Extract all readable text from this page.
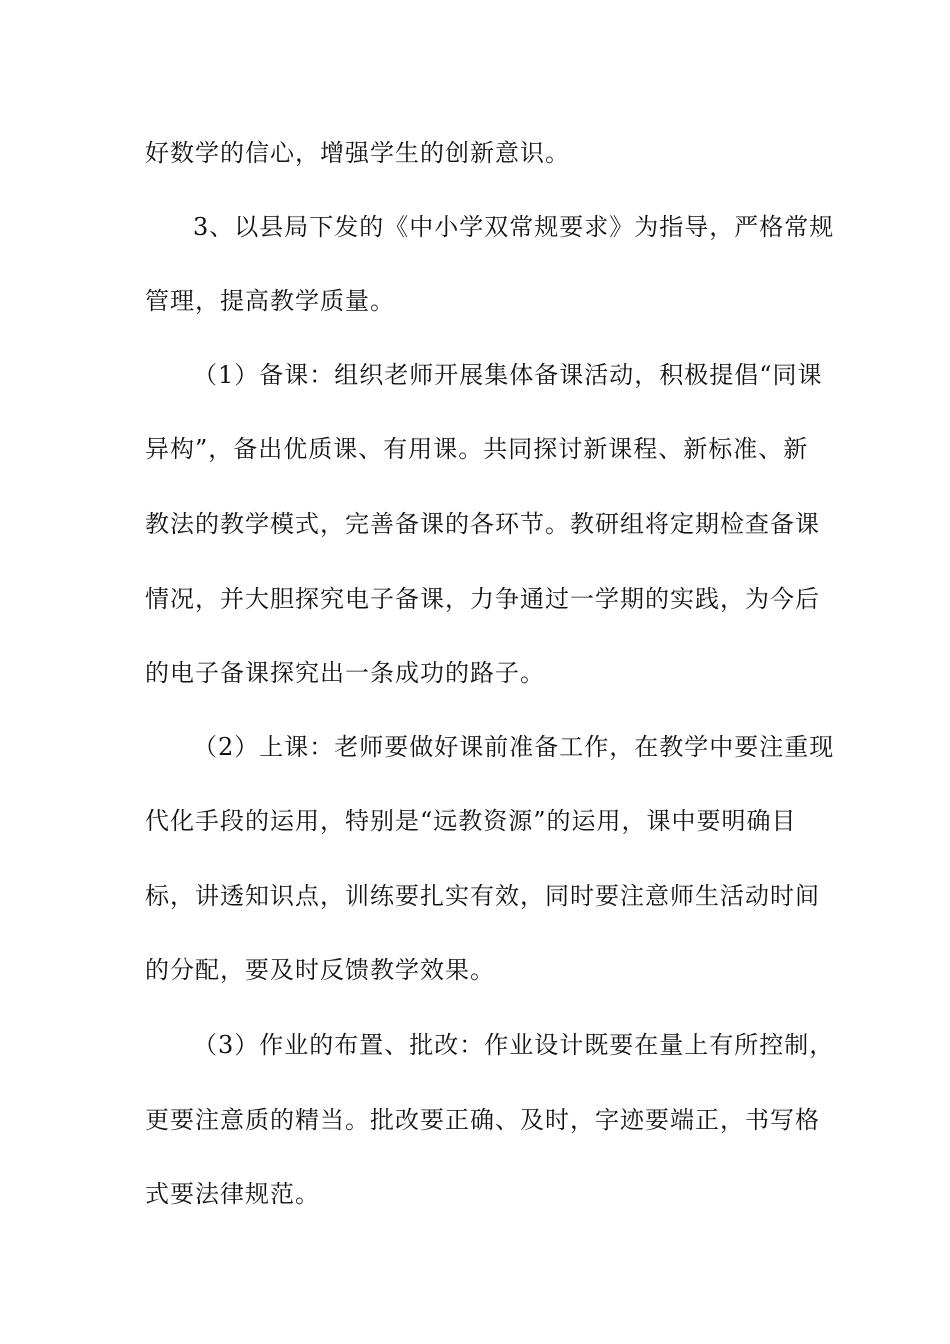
好数学的信心，增强学生的创新意识。
3、以县局下发的《中小学双常规要求》为指导，严格常规
管理，提高教学质量。
（1）备课：组织老师开展集体备课活动，积极提倡“同课
异构”，备出优质课、有用课。共同探讨新课程、新标准、新
教法的教学模式，完善备课的各环节。教研组将定期检查备课
情况，并大胆探究电子备课，力争通过一学期的实践，为今后
的电子备课探究出一条成功的路子。
（2）上课：老师要做好课前准备工作，在教学中要注重现
代化手段的运用，特别是“远教资源”的运用，课中要明确目
标，讲透知识点，训练要扎实有效，同时要注意师生活动时间
的分配，要及时反馈教学效果。
（3）作业的布置、批改：作业设计既要在量上有所控制，
更要注意质的精当。批改要正确、及时，字迹要端正，书写格
式要法律规范。
